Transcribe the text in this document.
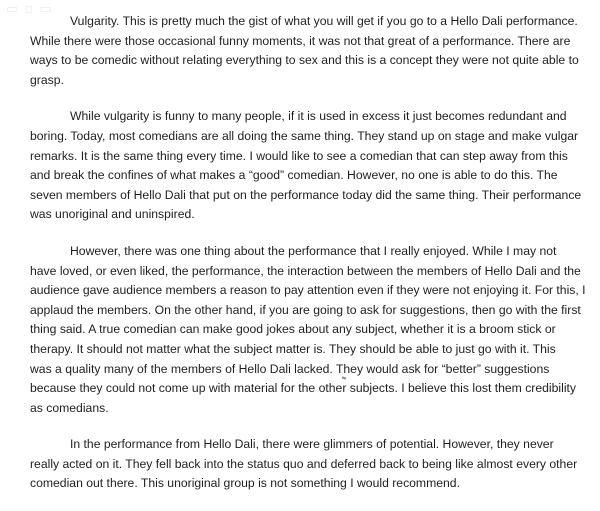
▭ ▫ ▭

Vulgarity. This is pretty much the gist of what you will get if you go to a Hello Dali performance.
While there were those occasional funny moments, it was not that great of a performance. There are
ways to be comedic without relating everything to sex and this is a concept they were not quite able to
grasp.

While vulgarity is funny to many people, if it is used in excess it just becomes redundant and
boring. Today, most comedians are all doing the same thing. They stand up on stage and make vulgar
remarks. It is the same thing every time. I would like to see a comedian that can step away from this
and break the confines of what makes a “good” comedian. However, no one is able to do this. The
seven members of Hello Dali that put on the performance today did the same thing. Their performance
was unoriginal and uninspired.

However, there was one thing about the performance that I really enjoyed. While I may not
have loved, or even liked, the performance, the interaction between the members of Hello Dali and the
audience gave audience members a reason to pay attention even if they were not enjoying it. For this, I
applaud the members. On the other hand, if you are going to ask for suggestions, then go with the first
thing said. A true comedian can make good jokes about any subject, whether it is a broom stick or
therapy. It should not matter what the subject matter is. They should be able to just go with it. This
was a quality many of the members of Hello Dali lacked. They would ask for “better” suggestions
because they could not come up with material for the other subjects. I believe this lost them credibility
as comedians.

In the performance from Hello Dali, there were glimmers of potential. However, they never
really acted on it. They fell back into the status quo and deferred back to being like almost every other
comedian out there. This unoriginal group is not something I would recommend.
